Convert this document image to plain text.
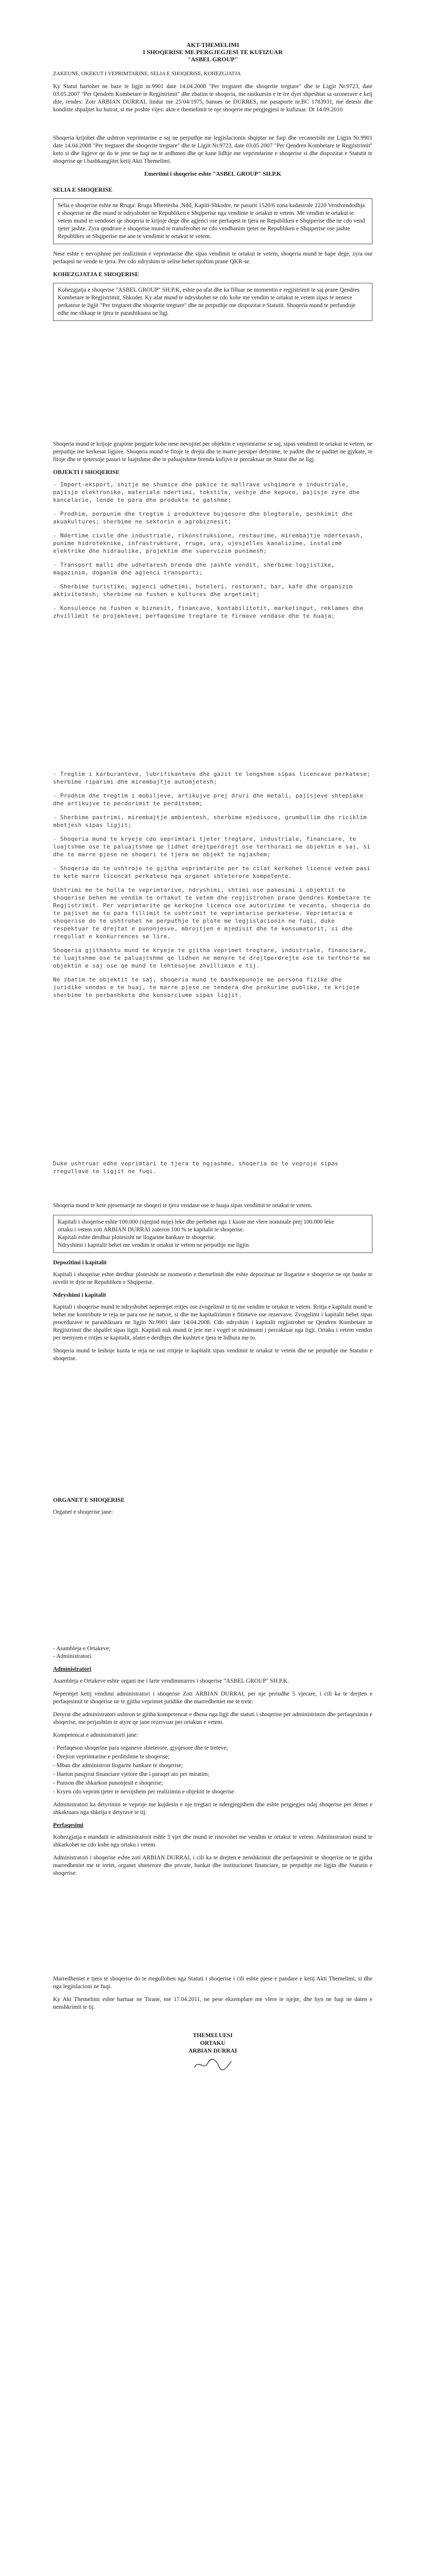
AKT-THEMELIMI
I SHOQERISE ME PERGJEGJESI TE KUFIZUAR
"ASBEL GROUP"

ZAKEUNE, OKEKUT I VEPRIMTARINE, SELIA E SHOQERISE, KOHEZGJATJA

Ky Statut hartohet ne baze te ligjit nr.9901 date 14.04.2008 "Per tregtaret dhe shoqerite tregtare" dhe te Ligjit Nr.9723, date 03.05.2007 "Per Qendren Kombetare te Regjistrimit" dhe zbatim te shoqeria, me rastkuesin e te tre dyer shpeshtat sa ozonerave e keij dite, rendes: Zotr ARBIAN DURRAI, lindur me 25/04/1975, banues ne DURRES, me pasaporte nr.BC 1783931, me detesir dhe kondiste shpaljtet ku hutrat, si me poshte vijes: akte e themelimit te nje shoqerie me pergjegjesi te kufizuar. Dt 14.09.2010

Shoqeria krijohet dhe ushtron veprimtarine e saj ne perputhje me legjislacionin shqiptar ne fuqi dhe vecanerisht me Ligjin Nr.9901 date 14.04.2008 "Per tregtaret dhe shoqerite tregtare" dhe te Ligjit Nr.9723, date 03.05.2007 "Per Qendren Kombetare te Regjistrimit" keto si dhe ligjeve qe do te jene ne fuqi ne te ardhmen dhe qe kane lidhje me veprimtarine e shoqerise si dhe dispozitat e Statutit te shoqerise qe i bashkangjitet ketij Akti Themelimi.

Emertimi i shoqerise eshte "ASBEL GROUP" SH.P.K
SELIA E SHOQERISE
Selia e shoqerise eshte ne Rruga: Rruga Mbretesha ,Ndd, Kapiti-Shkodre, ne pasurit 1520/6 zona kadastrale 2220 Vendvendodhja e shoqerise ne dhe mund te ndryshohet ne Republiken e Shqiperise nga vendime te ortakut te vetem. Me vendim te ortakut te vetem mund te vendoset qe shoqeria te krijoje dege dhe agjenci ose perfaqesi te tjera ne Republiken e Shqiperise dhe ne cdo vend tjeter jashte. Zyra qendrore e shoqerise mund te transferohet ne cdo vendbanim tjeter ne Republiken e Shqiperise ose jashte Republikes se Shqiperise me ane te vendimit te ortakut te vetem.

Nese eshte e nevojshme per realizimin e veprimtarise dhe sipas vendimit te ortakut te vetem, shoqeria mund te hape dege, zyra ose perfaqesi ne vende te tjera. Per cdo ndryshim te selise behet njoftim prane QKR-se.

KOHEZGJATJA E SHOQERISE
Kohezgjatja e shoqerise "ASBEL GROUP" SH.P.K, eshte pa afat dhe ka filluar ne momentin e regjistrimit te saj prane Qendres Kombetare te Regjistrimit, Shkoder. Ky afat mund te ndryshohet ne cdo kohe me vendim te ortakut te vetem sipas te neneve perkatese te ligjit "Per tregtaret dhe shoqerite tregtare" dhe ne perputhje me dispozitat e Statutit. Shoqeria mund te perfundoje edhe me shkaqe te tjera te parashikuara ne ligj.

Shoqeria mund te krijoje grupime pergjate kohe nese nevojitet per objektin e veprimtarise se saj, sipas vendimit te ortakut te vetem, ne perputhje me kerkesat ligjore. Shoqeria mund te fitoje te drejta dhe te marre persiper detyrime, te padite dhe te paditet ne gjykate, te fitoje dhe te tjetersoje pasuri te luajtshme dhe te paluajtshme brenda kufijve te percaktuar ne Statut dhe ne ligj.

OBJEKTI I SHOQERISE

- Import-eksport, shitje me shumice dhe pakice te mallrave ushqimore e industriale, pajisje elektronike, materiale ndertimi, tekstile, veshje dhe kepuce, pajisje zyre dhe kancelarie, lende te para dhe produkte te gatshme;

- Prodhim, perpunim dhe tregtim i produkteve bujqesore dhe blegtorale, peshkimit dhe akuakultures; sherbime ne sektorin e agrobiznesit;

- Ndertime civile dhe industriale, rikonstruksione, restaurime, mirembajtje ndertesash, punime hidroteknike, infrastrukture, rruge, ura, ujesjelles kanalizime, instalime elektrike dhe hidraulike, projektim dhe supervizim punimesh;

- Transport malli dhe udhetaresh brenda dhe jashte vendit, sherbime logjistike, magazinim, doganim dhe agjenci transporti;

- Sherbime turistike, agjenci udhetimi, hoteleri, restorant, bar, kafe dhe organizim aktivitetesh; sherbime ne fushen e kultures dhe argetimit;

- Konsulence ne fushen e biznesit, financave, kontabilitetit, marketingut, reklames dhe zhvillimit te projekteve; perfaqesime tregtare te firmave vendase dhe te huaja;

- Tregtim i karburanteve, lubrifikanteve dhe gazit te lengshem sipas licencave perkatese; sherbime riparimi dhe mirembajtje automjetesh;

- Prodhim dhe tregtim i mobiljeve, artikujve prej druri dhe metali, pajisjeve shtepiake dhe artikujve te perdorimit te perditshem;

- Sherbime pastrimi, mirembajtje ambientesh, sherbime mjedisore, grumbullim dhe riciklim mbetjesh sipas ligjit;

- Shoqeria mund te kryeje cdo veprimtari tjeter tregtare, industriale, financiare, te luajtshme ose te paluajtshme qe lidhet drejtperdrejt ose terthorazi me objektin e saj, si dhe te marre pjese ne shoqeri te tjera me objekt te ngjashem;

- Shoqeria do te ushtroje te gjitha veprimtarite per te cilat kerkohet licence vetem pasi te kete marre licencat perkatese nga organet shteterore kompetente.

Ushtrimi me te holla te veprimtarive, ndryshimi, shtimi ose pakesimi i objektit te shoqerise behen me vendim te ortakut te vetem dhe regjistrohen prane Qendres Kombetare te Regjistrimit. Per veprimtarite qe kerkojne licenca ose autorizime te vecanta, shoqeria do te pajiset me to para fillimit te ushtrimit te veprimtarise perkatese. Veprimtaria e shoqerise do te ushtrohet ne perputhje te plote me legjislacionin ne fuqi, duke respektuar te drejtat e punonjesve, mbrojtjen e mjedisit dhe te konsumatorit, si dhe rregullat e konkurrences se lire.

Shoqeria gjithashtu mund te kryeje te gjitha veprimet tregtare, industriale, financiare, te luajtshme ose te paluajtshme qe lidhen ne menyre te drejtperdrejte ose te terthorte me objektin e saj ose qe mund te lehtesojne zhvillimin e tij.

Ne zbatim te objektit te saj, shoqeria mund te bashkepunoje me persona fizike dhe juridike vendas e te huaj, te marre pjese ne tendera dhe prokurime publike, te krijoje sherbime te perbashketa dhe konsorciume sipas ligjit.

Duke ushtruar edhe veprimtari te tjera te ngjashme, shoqeria do te veproje sipas rregullave te ligjit ne fuqi.

Shoqeria mund te kete pjesemarrje ne shoqeri te tjera vendase ose te huaja sipas vendimit te ortakut te vetem.

Kapitali i shoqerise eshte 100.000 (njeqind mije) leke dhe perbehet nga 1 kuote me vlere nominale prej 100.000 leke
ortaku i vetem zoti ARBIAN DURRAI zoteron 100 % te kapitalit te shoqerise.
Kapitali eshte derdhur plotesisht ne llogarine bankare te shoqerise.
Ndryshimi i kapitalit behet me vendim te ortakut te vetem ne perputhje me ligjin.
Depozitimi i kapitalit

Kapitali i shoqerise eshte derdhur plotesisht ne momentin e themelimit dhe eshte depozituar ne llogarine e shoqerise ne nje banke te nivelit te dyte ne Republiken e Shqiperise.

Ndryshimi i kapitalit

Kapitali i shoqerise mund te ndryshohet nepermjet rritjes ose zvogelimit te tij me vendim te ortakut te vetem. Rritja e kapitalit mund te behet me kontribute te reja ne para ose ne natyre, si dhe me kapitalizimin e fitimeve ose rezervave. Zvogelimi i kapitalit behet sipas procedurave te parashikuara ne ligjin Nr.9901 date 14.04.2008. Cdo ndryshim i kapitalit regjistrohet ne Qendren Kombetare te Regjistrimit dhe shpallet sipas ligjit. Kapitali nuk mund te jete me i vogel se minimumi i percaktuar nga ligji. Ortaku i vetem vendos per menyren e rritjes se kapitalit, afatet e derdhjes dhe kushtet e tjera te lidhura me to.

Shoqeria mund te leshoje kuota te reja ne rast rritjeje te kapitalit sipas vendimit te ortakut te vetem dhe ne perputhje me Statutin e shoqerise.

ORGANET E SHOQERISE

Organet e shoqerise jane:

- Asambleja e Ortakeve;
- Administratori.
Administratori

Asambleja e Ortakeve eshte organi me i larte vendimmarres i shoqerise "ASBEL GROUP" SH.P.K.

Nepermjet ketij vendimi administratori i shoqerise Zoti ARBIAN DURRAI, per nje periudhe 5 vjecare, i cili ka te drejten e perfaqesimit te shoqerise ne te gjitha veprimet juridike dhe marredheniet me te trete.

Detyrat dhe administratori ushtron te gjitha kompetencat e dhena nga ligji dhe statuti i shoqerise per administrimin dhe perfaqesimin e shoqerise, me perjashtim te atyre qe jane rezervuar per ortakun e vetem.

Kompetencat e administratorit jane:

- Perfaqeson shoqerine para organeve shteterore, gjyqesore dhe te treteve;

- Drejton veprimtarine e perditshme te shoqerise;

- Mban dhe administron llogarite bankare te shoqerise;

- Harton pasqyrat financiare vjetore dhe i paraqet ato per miratim;

- Punson dhe shkarkon punonjesit e shoqerise;

- Kryen cdo veprim tjeter te nevojshem per realizimin e objektit te shoqerise.

Administratori ka detyrimin te veproje me kujdesin e nje tregtari te ndergjegjshem dhe eshte pergjegjes ndaj shoqerise per demet e shkaktuara nga shkelja e detyrave te tij.

Perfaqesimi

Kohezgjatja e mandatit te administratorit eshte 5 vjet dhe mund te rinovohet me vendim te ortakut te vetem. Administratori mund te shkarkohet ne cdo kohe nga ortaku i vetem.

Administratori i shoqerise eshte zoti ARBIAN DURRAI, i cili ka te drejten e nenshkrimit dhe perfaqesimit te shoqerise ne te gjitha marredheniet me te tretet, organet shteterore dhe private, bankat dhe institucionet financiare, ne perputhje me ligjin dhe Statutin e shoqerise.

Marredheniet e tjera te shoqerise do te rregullohen nga Statuti i shoqerise i cili eshte pjese e pandare e ketij Akti Themelimi, si dhe nga legjislacioni ne fuqi.

Ky Akt Themelimi eshte hartuar ne Tirane, me 17.04.2011, ne pese ekzemplare me vlere te njejte, dhe hyn ne fuqi ne daten e nenshkrimit te tij.

THEMELUESI
ORTAKU
ARBIAN DURRAI
